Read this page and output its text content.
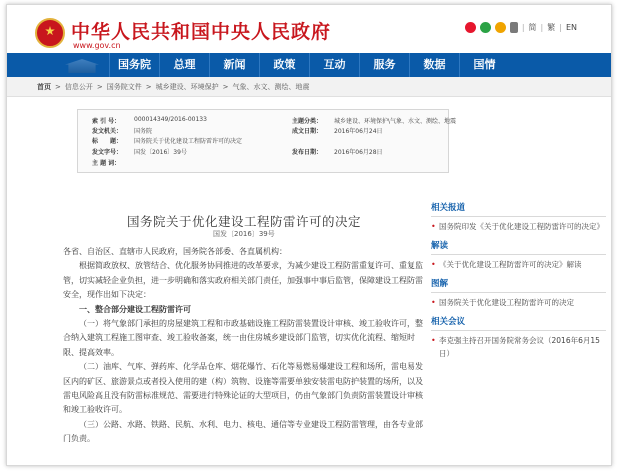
中华人民共和国中央人民政府
www.gov.cn
| 简 | 繁 | EN
国务院	总理	新闻	政策	互动	服务	数据	国情
首页 > 信息公开 > 国务院文件 > 城乡建设、环境保护 > 气象、水文、测绘、地震
索 引 号： 000014349/2016-00133	主题分类： 城乡建设、环境保护\气象、水文、测绘、地震
发文机关： 国务院	成文日期： 2016年06月24日
标　　题： 国务院关于优化建设工程防雷许可的决定
发文字号： 国发〔2016〕39号	发布日期： 2016年06月28日
主 题 词：
国务院关于优化建设工程防雷许可的决定
国发〔2016〕39号

各省、自治区、直辖市人民政府，国务院各部委、各直属机构：

根据简政放权、放管结合、优化服务协同推进的改革要求，为减少建设工程防雷重复许可、重复监管，切实减轻企业负担，进一步明确和落实政府相关部门责任，加强事中事后监管，保障建设工程防雷安全，现作出如下决定：

一、整合部分建设工程防雷许可

（一）将气象部门承担的房屋建筑工程和市政基础设施工程防雷装置设计审核、竣工验收许可，整合纳入建筑工程施工图审查、竣工验收备案，统一由住房城乡建设部门监管，切实优化流程、缩短时限、提高效率。

（二）油库、气库、弹药库、化学品仓库、烟花爆竹、石化等易燃易爆建设工程和场所，雷电易发区内的矿区、旅游景点或者投入使用的建（构）筑物、设施等需要单独安装雷电防护装置的场所，以及雷电风险高且没有防雷标准规范、需要进行特殊论证的大型项目，仍由气象部门负责防雷装置设计审核和竣工验收许可。

（三）公路、水路、铁路、民航、水利、电力、核电、通信等专业建设工程防雷管理，由各专业部门负责。

相关报道
• 国务院印发《关于优化建设工程防雷许可的决定》
解读
• 《关于优化建设工程防雷许可的决定》解读
图解
• 国务院关于优化建设工程防雷许可的决定
相关会议
• 李克强主持召开国务院常务会议（2016年6月15日）
